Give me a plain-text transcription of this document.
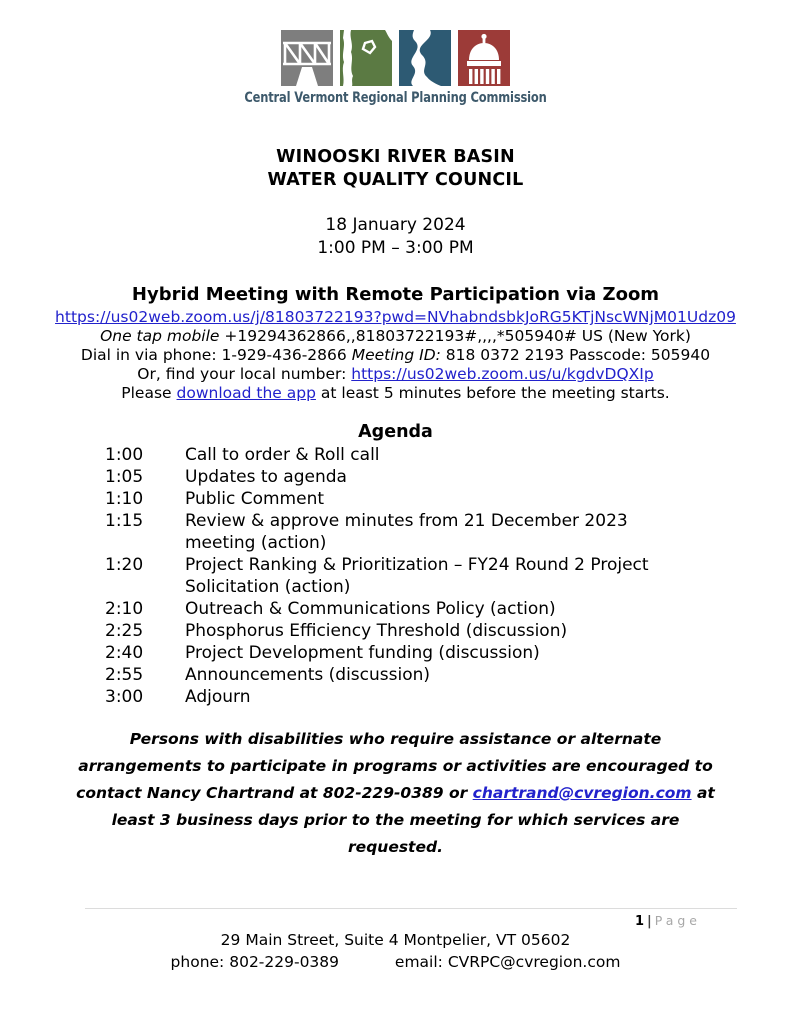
Central Vermont Regional Planning Commission
WINOOSKI RIVER BASIN
WATER QUALITY COUNCIL
18 January 2024
1:00 PM – 3:00 PM
Hybrid Meeting with Remote Participation via Zoom
https://us02web.zoom.us/j/81803722193?pwd=NVhabndsbkJoRG5KTjNscWNjM01Udz09
One tap mobile +19294362866,,81803722193#,,,,*505940# US (New York)
Dial in via phone: 1-929-436-2866 Meeting ID: 818 0372 2193 Passcode: 505940
Or, find your local number: https://us02web.zoom.us/u/kgdvDQXIp
Please download the app at least 5 minutes before the meeting starts.
Agenda
1:00	Call to order & Roll call
1:05	Updates to agenda
1:10	Public Comment
1:15	Review & approve minutes from 21 December 2023 meeting (action)
1:20	Project Ranking & Prioritization – FY24 Round 2 Project Solicitation (action)
2:10	Outreach & Communications Policy (action)
2:25	Phosphorus Efficiency Threshold (discussion)
2:40	Project Development funding (discussion)
2:55	Announcements (discussion)
3:00	Adjourn

Persons with disabilities who require assistance or alternate arrangements to participate in programs or activities are encouraged to contact Nancy Chartrand at 802-229-0389 or chartrand@cvregion.com at least 3 business days prior to the meeting for which services are requested.

1 | Page
29 Main Street, Suite 4 Montpelier, VT 05602
phone: 802-229-0389	email: CVRPC@cvregion.com
